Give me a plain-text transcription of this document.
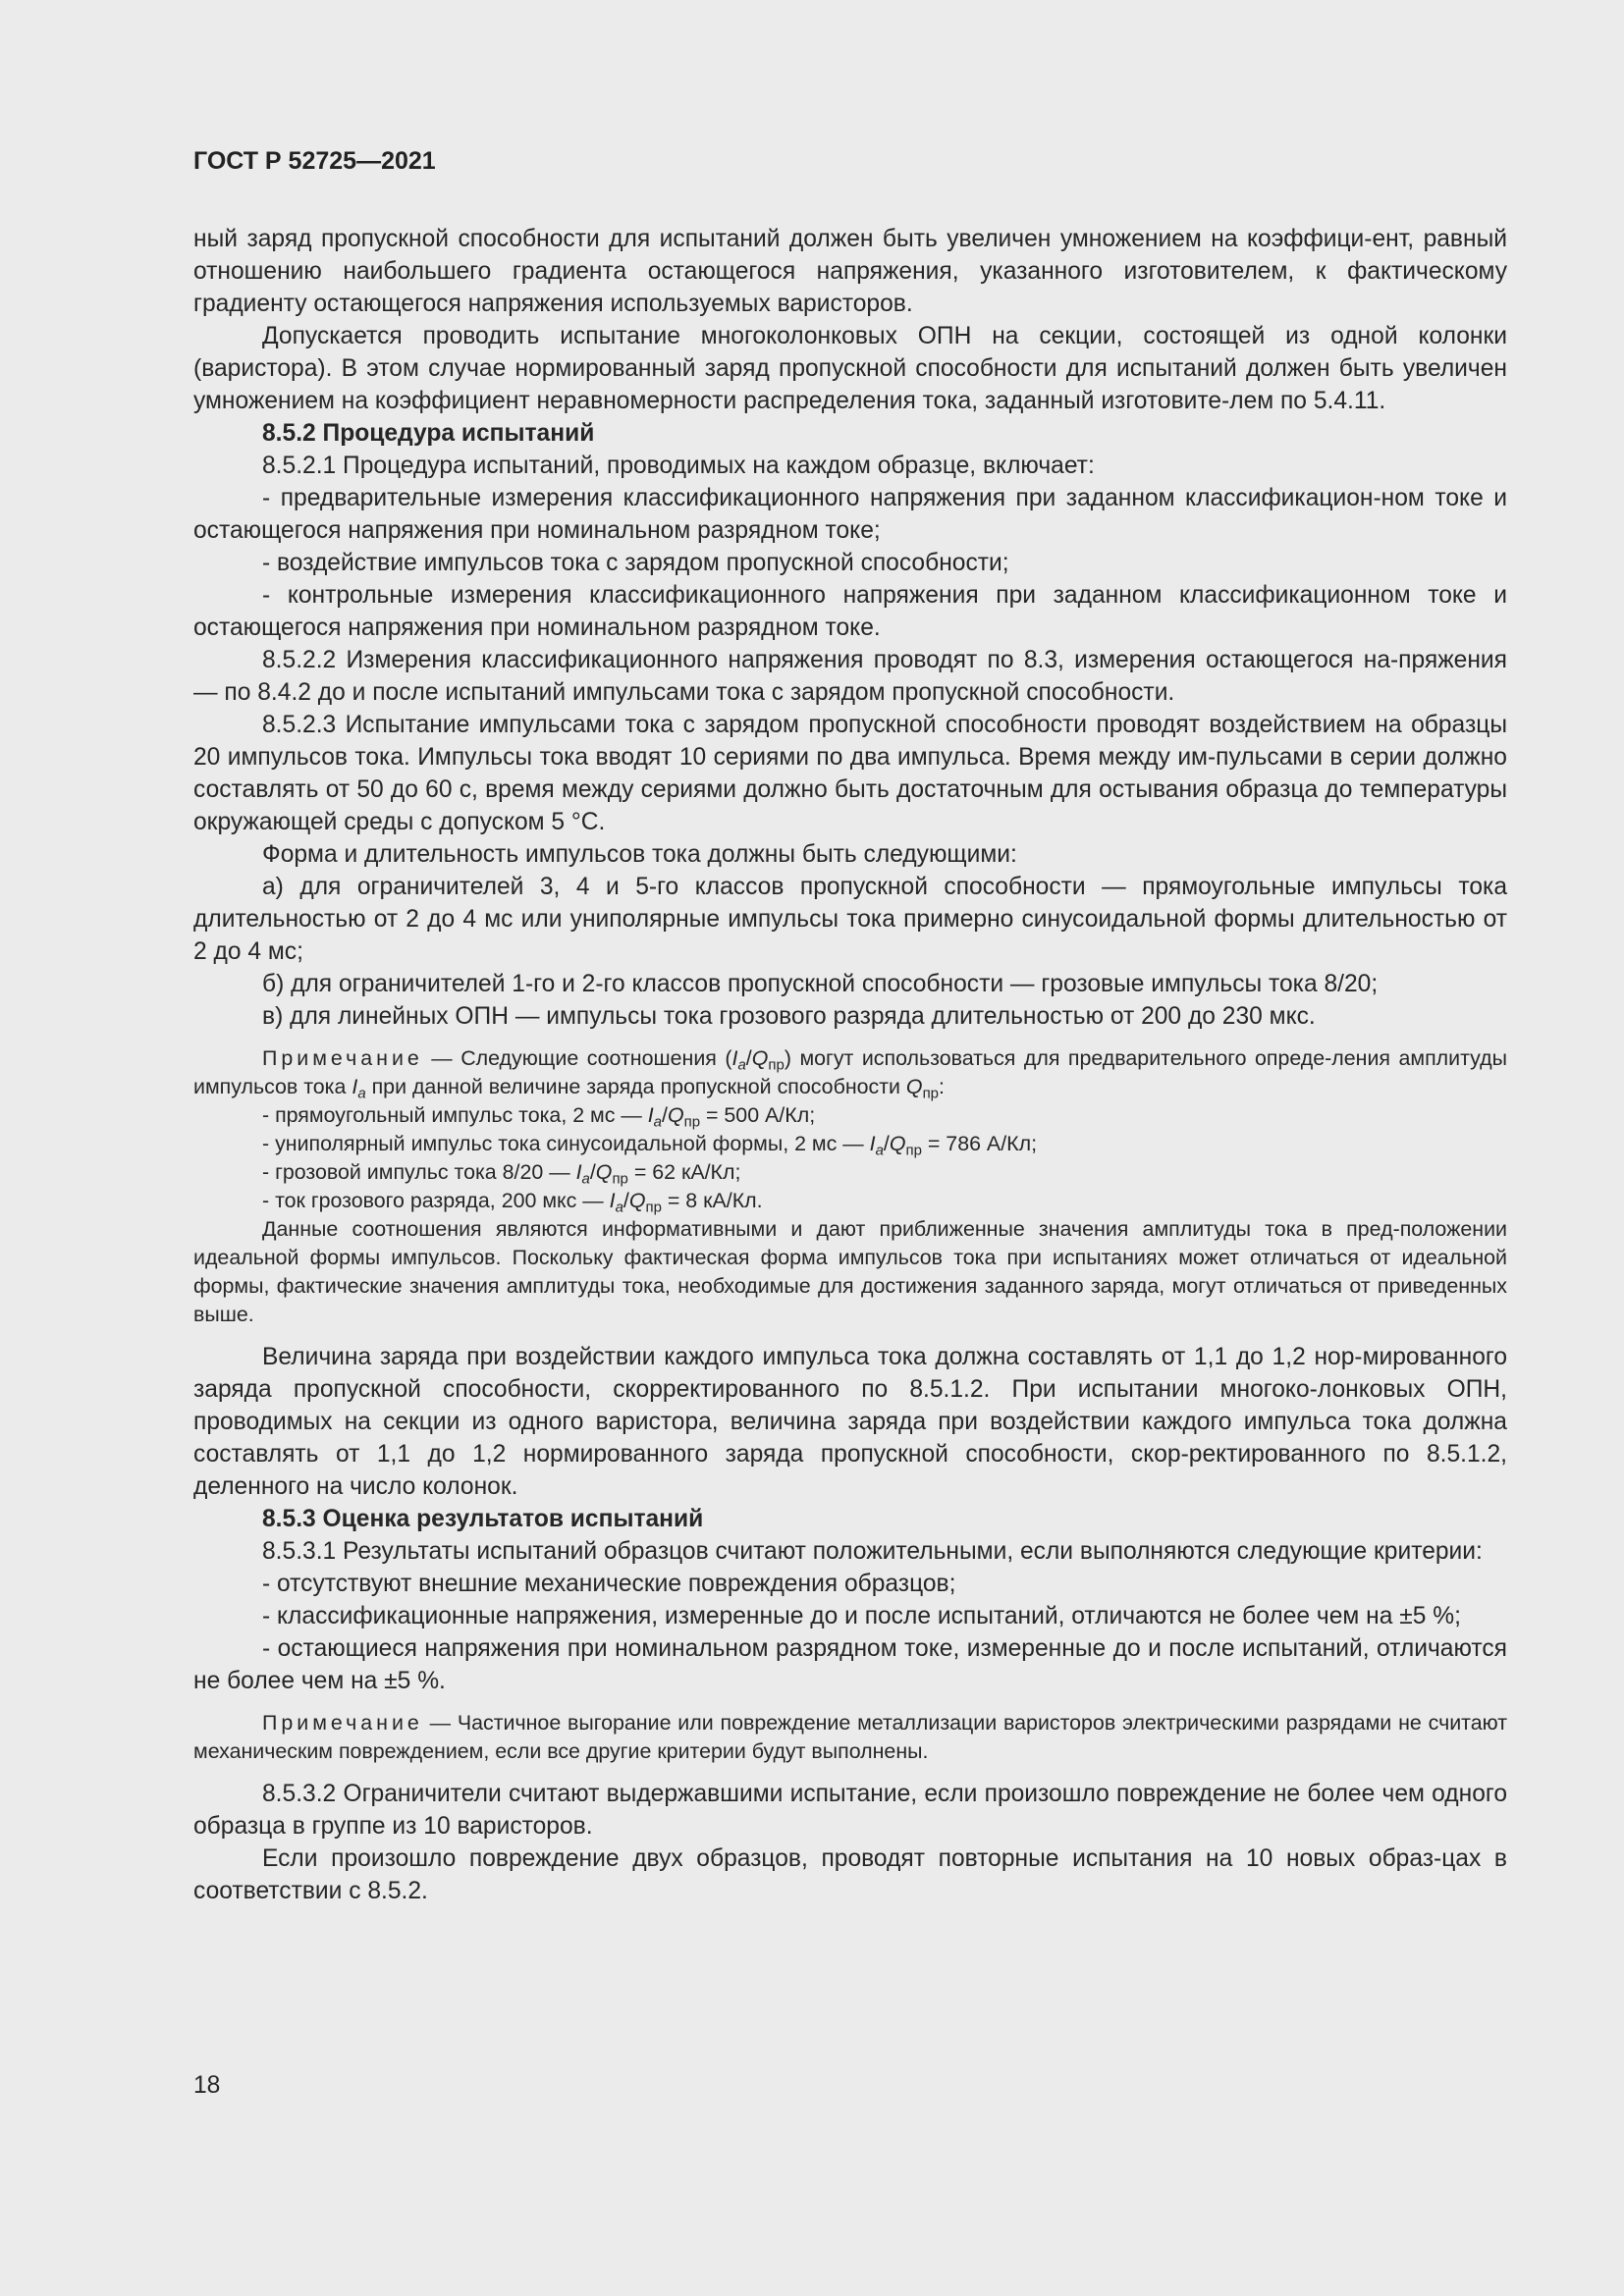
ГОСТ Р 52725—2021

ный заряд пропускной способности для испытаний должен быть увеличен умножением на коэффици-ент, равный отношению наибольшего градиента остающегося напряжения, указанного изготовителем, к фактическому градиенту остающегося напряжения используемых варисторов.

Допускается проводить испытание многоколонковых ОПН на секции, состоящей из одной колонки (варистора). В этом случае нормированный заряд пропускной способности для испытаний должен быть увеличен умножением на коэффициент неравномерности распределения тока, заданный изготовите-лем по 5.4.11.

8.5.2 Процедура испытаний

8.5.2.1 Процедура испытаний, проводимых на каждом образце, включает:

- предварительные измерения классификационного напряжения при заданном классификацион-ном токе и остающегося напряжения при номинальном разрядном токе;

- воздействие импульсов тока с зарядом пропускной способности;

- контрольные измерения классификационного напряжения при заданном классификационном токе и остающегося напряжения при номинальном разрядном токе.

8.5.2.2 Измерения классификационного напряжения проводят по 8.3, измерения остающегося на-пряжения — по 8.4.2 до и после испытаний импульсами тока с зарядом пропускной способности.

8.5.2.3 Испытание импульсами тока с зарядом пропускной способности проводят воздействием на образцы 20 импульсов тока. Импульсы тока вводят 10 сериями по два импульса. Время между им-пульсами в серии должно составлять от 50 до 60 с, время между сериями должно быть достаточным для остывания образца до температуры окружающей среды с допуском 5 °С.

Форма и длительность импульсов тока должны быть следующими:

а) для ограничителей 3, 4 и 5-го классов пропускной способности — прямоугольные импульсы тока длительностью от 2 до 4 мс или униполярные импульсы тока примерно синусоидальной формы длительностью от 2 до 4 мс;

б) для ограничителей 1-го и 2-го классов пропускной способности — грозовые импульсы тока 8/20;

в) для линейных ОПН — импульсы тока грозового разряда длительностью от 200 до 230 мкс.

Примечание — Следующие соотношения $(I_a/Q_{пр})$ могут использоваться для предварительного опреде-ления амплитуды импульсов тока $I_a$ при данной величине заряда пропускной способности $Q_{пр}$:

- прямоугольный импульс тока, 2 мс — $I_a/Q_{пр} = 500$ А/Кл;

- униполярный импульс тока синусоидальной формы, 2 мс — $I_a/Q_{пр} = 786$ А/Кл;

- грозовой импульс тока 8/20 — $I_a/Q_{пр} = 62$ кА/Кл;

- ток грозового разряда, 200 мкс — $I_a/Q_{пр} = 8$ кА/Кл.

Данные соотношения являются информативными и дают приближенные значения амплитуды тока в пред-положении идеальной формы импульсов. Поскольку фактическая форма импульсов тока при испытаниях может отличаться от идеальной формы, фактические значения амплитуды тока, необходимые для достижения заданного заряда, могут отличаться от приведенных выше.

Величина заряда при воздействии каждого импульса тока должна составлять от 1,1 до 1,2 нор-мированного заряда пропускной способности, скорректированного по 8.5.1.2. При испытании многоко-лонковых ОПН, проводимых на секции из одного варистора, величина заряда при воздействии каждого импульса тока должна составлять от 1,1 до 1,2 нормированного заряда пропускной способности, скор-ректированного по 8.5.1.2, деленного на число колонок.

8.5.3 Оценка результатов испытаний

8.5.3.1 Результаты испытаний образцов считают положительными, если выполняются следующие критерии:

- отсутствуют внешние механические повреждения образцов;

- классификационные напряжения, измеренные до и после испытаний, отличаются не более чем на ±5 %;

- остающиеся напряжения при номинальном разрядном токе, измеренные до и после испытаний, отличаются не более чем на ±5 %.

Примечание — Частичное выгорание или повреждение металлизации варисторов электрическими разрядами не считают механическим повреждением, если все другие критерии будут выполнены.

8.5.3.2 Ограничители считают выдержавшими испытание, если произошло повреждение не более чем одного образца в группе из 10 варисторов.

Если произошло повреждение двух образцов, проводят повторные испытания на 10 новых образ-цах в соответствии с 8.5.2.

18
